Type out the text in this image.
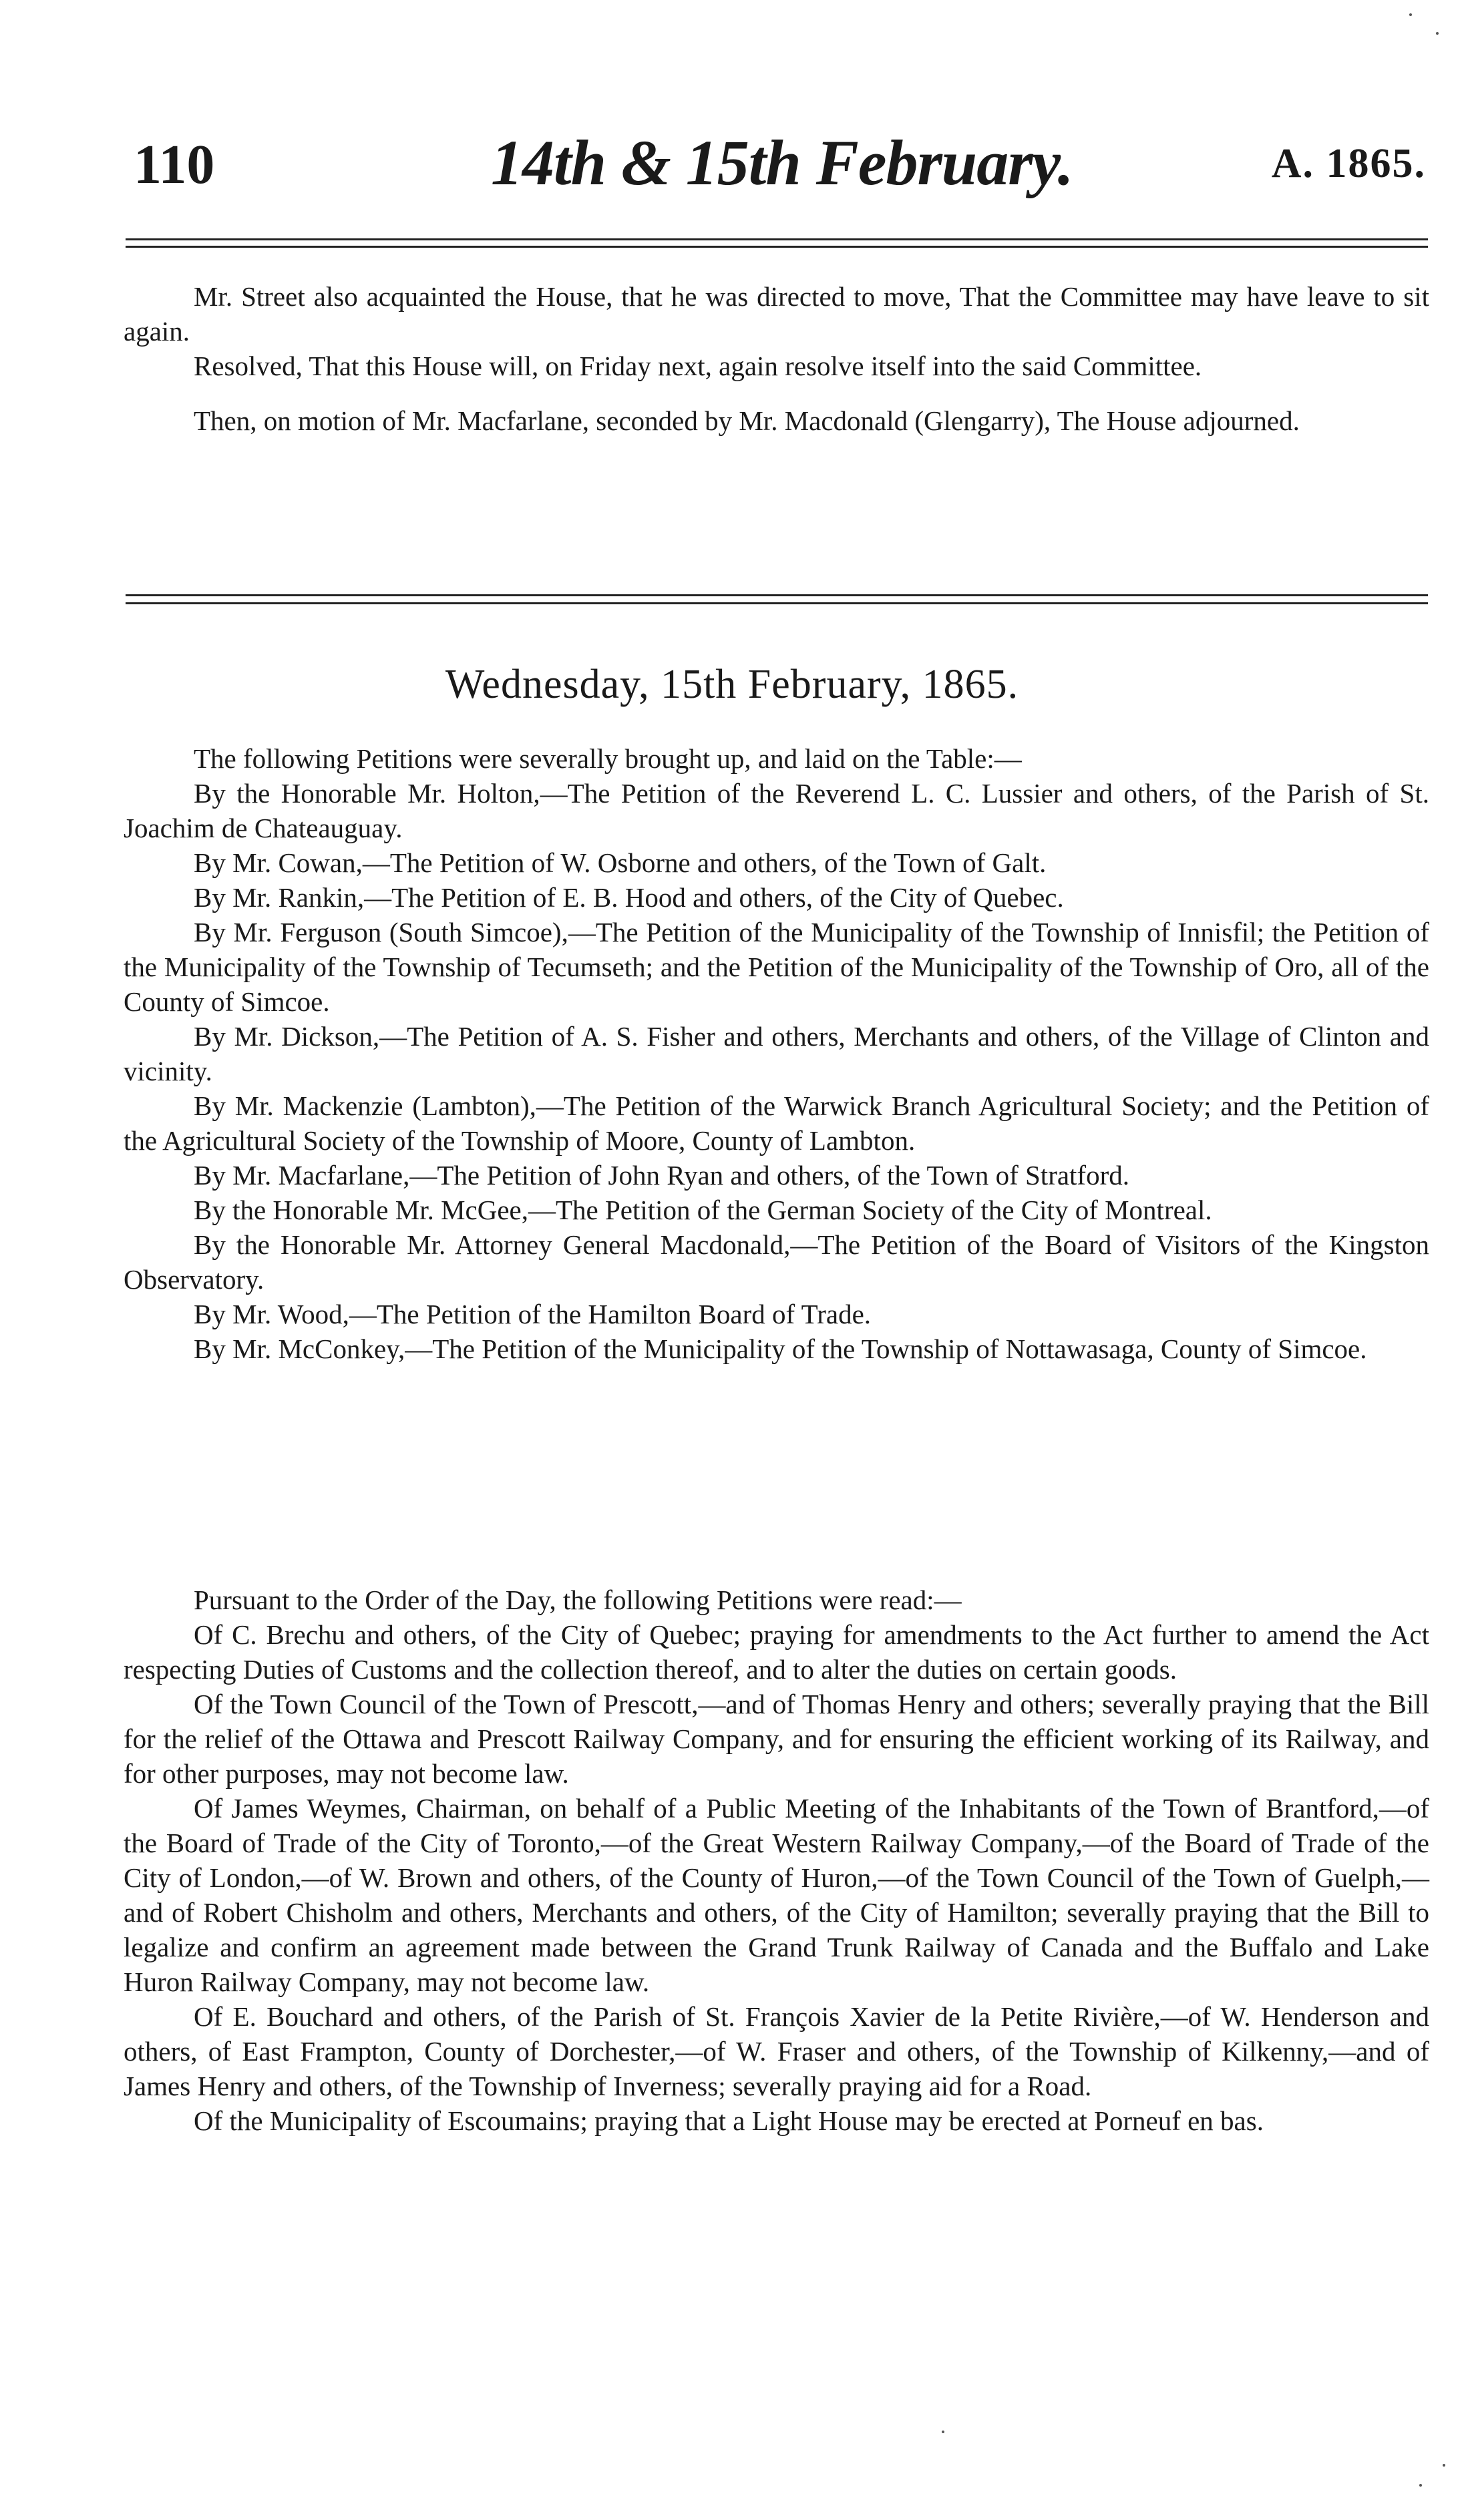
110	14th & 15th February.	A. 1865.

Mr. Street also acquainted the House, that he was directed to move, That the Committee may have leave to sit again.

Resolved, That this House will, on Friday next, again resolve itself into the said Committee.

Then, on motion of Mr. Macfarlane, seconded by Mr. Macdonald (Glengarry), The House adjourned.

Wednesday, 15th February, 1865.

The following Petitions were severally brought up, and laid on the Table:—

By the Honorable Mr. Holton,—The Petition of the Reverend L. C. Lussier and others, of the Parish of St. Joachim de Chateauguay.

By Mr. Cowan,—The Petition of W. Osborne and others, of the Town of Galt.

By Mr. Rankin,—The Petition of E. B. Hood and others, of the City of Quebec.

By Mr. Ferguson (South Simcoe),—The Petition of the Municipality of the Township of Innisfil; the Petition of the Municipality of the Township of Tecumseth; and the Petition of the Municipality of the Township of Oro, all of the County of Simcoe.

By Mr. Dickson,—The Petition of A. S. Fisher and others, Merchants and others, of the Village of Clinton and vicinity.

By Mr. Mackenzie (Lambton),—The Petition of the Warwick Branch Agricultural Society; and the Petition of the Agricultural Society of the Township of Moore, County of Lambton.

By Mr. Macfarlane,—The Petition of John Ryan and others, of the Town of Stratford.

By the Honorable Mr. McGee,—The Petition of the German Society of the City of Montreal.

By the Honorable Mr. Attorney General Macdonald,—The Petition of the Board of Visitors of the Kingston Observatory.

By Mr. Wood,—The Petition of the Hamilton Board of Trade.

By Mr. McConkey,—The Petition of the Municipality of the Township of Nottawasaga, County of Simcoe.

Pursuant to the Order of the Day, the following Petitions were read:—

Of C. Brechu and others, of the City of Quebec; praying for amendments to the Act further to amend the Act respecting Duties of Customs and the collection thereof, and to alter the duties on certain goods.

Of the Town Council of the Town of Prescott,—and of Thomas Henry and others; severally praying that the Bill for the relief of the Ottawa and Prescott Railway Company, and for ensuring the efficient working of its Railway, and for other purposes, may not become law.

Of James Weymes, Chairman, on behalf of a Public Meeting of the Inhabitants of the Town of Brantford,—of the Board of Trade of the City of Toronto,—of the Great Western Railway Company,—of the Board of Trade of the City of London,—of W. Brown and others, of the County of Huron,—of the Town Council of the Town of Guelph,—and of Robert Chisholm and others, Merchants and others, of the City of Hamilton; severally praying that the Bill to legalize and confirm an agreement made between the Grand Trunk Railway of Canada and the Buffalo and Lake Huron Railway Company, may not become law.

Of E. Bouchard and others, of the Parish of St. François Xavier de la Petite Rivière,—of W. Henderson and others, of East Frampton, County of Dorchester,—of W. Fraser and others, of the Township of Kilkenny,—and of James Henry and others, of the Township of Inverness; severally praying aid for a Road.

Of the Municipality of Escoumains; praying that a Light House may be erected at Porneuf en bas.
